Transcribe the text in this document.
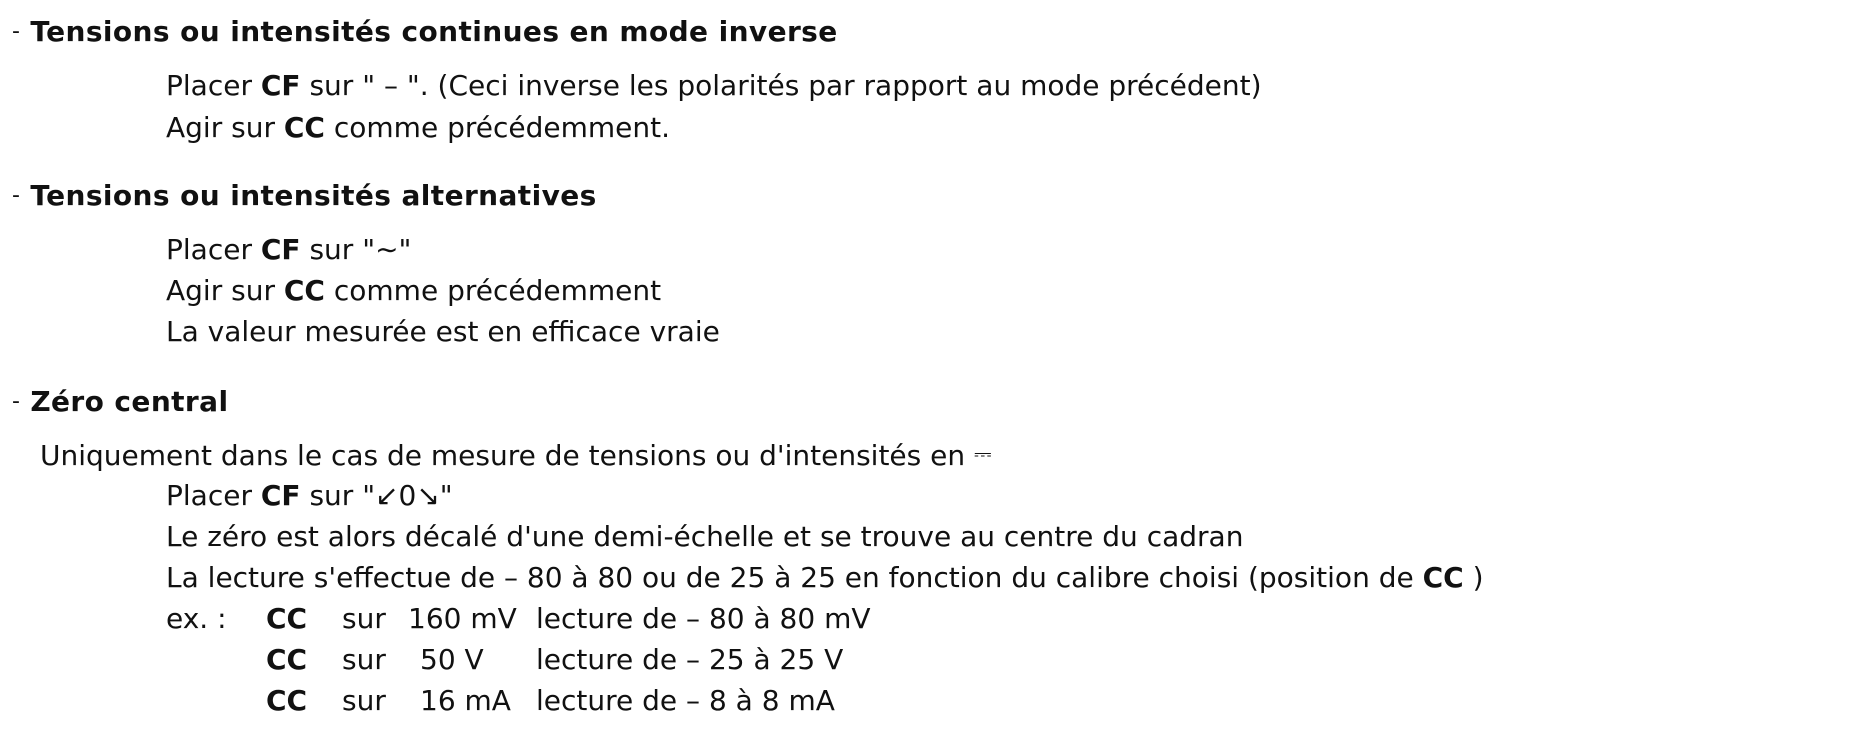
- Tensions ou intensités continues en mode inverse
Placer CF sur " – ". (Ceci inverse les polarités par rapport au mode précédent)
Agir sur CC comme précédemment.
- Tensions ou intensités alternatives
Placer CF sur "∼"
Agir sur CC comme précédemment
La valeur mesurée est en efficace vraie
- Zéro central
Uniquement dans le cas de mesure de tensions ou d'intensités en ⎓
Placer CF sur "↙0↘"
Le zéro est alors décalé d'une demi-échelle et se trouve au centre du cadran
La lecture s'effectue de – 80 à 80 ou de 25 à 25 en fonction du calibre choisi (position de CC )
ex. : CC sur 160 mV lecture de – 80 à 80 mV
CC sur 50 V lecture de – 25 à 25 V
CC sur 16 mA lecture de – 8 à 8 mA
